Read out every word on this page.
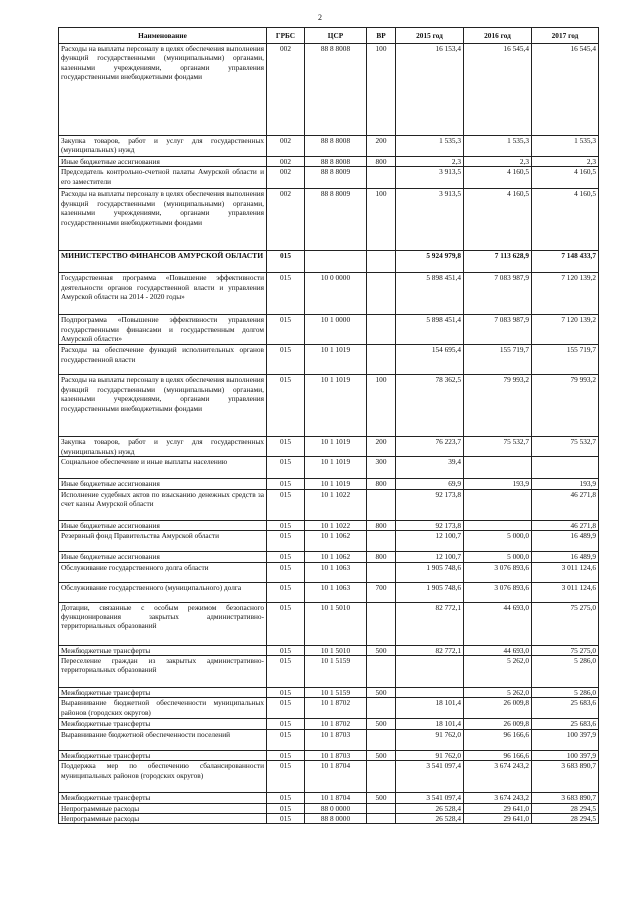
2
Наименование	ГРБС	ЦСР	ВР	2015 год	2016 год	2017 год
Расходы на выплаты персоналу в целях обеспечения выполнения функций государственными (муниципальными) органами, казенными учреждениями, органами управления государственными внебюджетными фондами	002	88 8 8008	100	16 153,4	16 545,4	16 545,4
Закупка товаров, работ и услуг для государственных (муниципальных) нужд	002	88 8 8008	200	1 535,3	1 535,3	1 535,3
Иные бюджетные ассигнования	002	88 8 8008	800	2,3	2,3	2,3
Председатель контрольно-счетной палаты Амурской области и его заместители	002	88 8 8009		3 913,5	4 160,5	4 160,5
Расходы на выплаты персоналу в целях обеспечения выполнения функций государственными (муниципальными) органами, казенными учреждениями, органами управления государственными внебюджетными фондами	002	88 8 8009	100	3 913,5	4 160,5	4 160,5
МИНИСТЕРСТВО ФИНАНСОВ АМУРСКОЙ ОБЛАСТИ	015			5 924 979,8	7 113 628,9	7 148 433,7
Государственная программа «Повышение эффективности деятельности органов государственной власти и управления Амурской области на 2014 - 2020 годы»	015	10 0 0000		5 898 451,4	7 083 987,9	7 120 139,2
Подпрограмма «Повышение эффективности управления государственными финансами и государственным долгом Амурской области»	015	10 1 0000		5 898 451,4	7 083 987,9	7 120 139,2
Расходы на обеспечение функций исполнительных органов государственной власти	015	10 1 1019		154 695,4	155 719,7	155 719,7
Расходы на выплаты персоналу в целях обеспечения выполнения функций государственными (муниципальными) органами, казенными учреждениями, органами управления государственными внебюджетными фондами	015	10 1 1019	100	78 362,5	79 993,2	79 993,2
Закупка товаров, работ и услуг для государственных (муниципальных) нужд	015	10 1 1019	200	76 223,7	75 532,7	75 532,7
Социальное обеспечение и иные выплаты населению	015	10 1 1019	300	39,4		
Иные бюджетные ассигнования	015	10 1 1019	800	69,9	193,9	193,9
Исполнение судебных актов по взысканию денежных средств за счет казны Амурской области	015	10 1 1022		92 173,8		46 271,8
Иные бюджетные ассигнования	015	10 1 1022	800	92 173,8		46 271,8
Резервный фонд Правительства Амурской области	015	10 1 1062		12 100,7	5 000,0	16 489,9
Иные бюджетные ассигнования	015	10 1 1062	800	12 100,7	5 000,0	16 489,9
Обслуживание государственного долга области	015	10 1 1063		1 905 748,6	3 076 893,6	3 011 124,6
Обслуживание государственного (муниципального) долга	015	10 1 1063	700	1 905 748,6	3 076 893,6	3 011 124,6
Дотации, связанные с особым режимом безопасного функционирования закрытых административно-территориальных образований	015	10 1 5010		82 772,1	44 693,0	75 275,0
Межбюджетные трансферты	015	10 1 5010	500	82 772,1	44 693,0	75 275,0
Переселение граждан из закрытых административно-территориальных образований	015	10 1 5159			5 262,0	5 286,0
Межбюджетные трансферты	015	10 1 5159	500		5 262,0	5 286,0
Выравнивание бюджетной обеспеченности муниципальных районов (городских округов)	015	10 1 8702		18 101,4	26 009,8	25 683,6
Межбюджетные трансферты	015	10 1 8702	500	18 101,4	26 009,8	25 683,6
Выравнивание бюджетной обеспеченности поселений	015	10 1 8703		91 762,0	96 166,6	100 397,9
Межбюджетные трансферты	015	10 1 8703	500	91 762,0	96 166,6	100 397,9
Поддержка мер по обеспечению сбалансированности муниципальных районов (городских округов)	015	10 1 8704		3 541 097,4	3 674 243,2	3 683 890,7
Межбюджетные трансферты	015	10 1 8704	500	3 541 097,4	3 674 243,2	3 683 890,7
Непрограммные расходы	015	88 0 0000		26 528,4	29 641,0	28 294,5
Непрограммные расходы	015	88 8 0000		26 528,4	29 641,0	28 294,5
